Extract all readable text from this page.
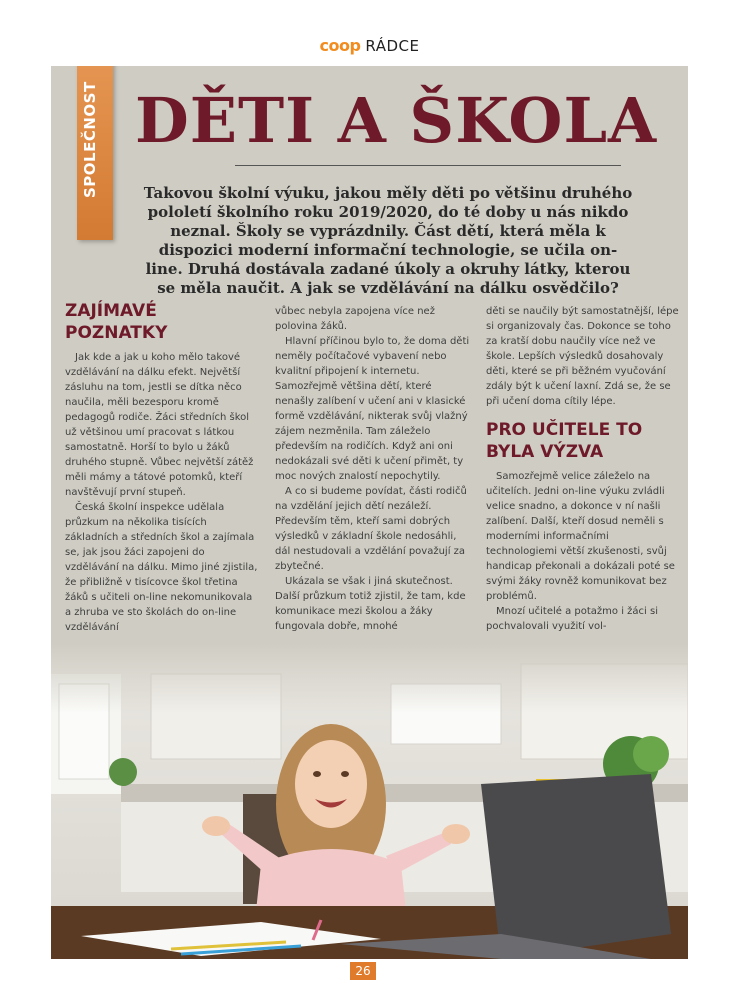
coop RÁDCE
SPOLEČNOST DĚTI A ŠKOLA

Takovou školní výuku, jakou měly děti po většinu druhého pololetí školního roku 2019/2020, do té doby u nás nikdo neznal. Školy se vyprázdnily. Část dětí, která měla k dispozici moderní informační technologie, se učila on-line. Druhá dostávala zadané úkoly a okruhy látky, kterou se měla naučit. A jak se vzdělávání na dálku osvědčilo?

ZAJÍMAVÉ POZNATKY

Jak kde a jak u koho mělo takové vzdělávání na dálku efekt. Největší zásluhu na tom, jestli se dítka něco naučila, měli bezesporu kromě pedagogů rodiče. Žáci středních škol už většinou umí pracovat s látkou samostatně. Horší to bylo u žáků druhého stupně. Vůbec největší zátěž měli mámy a tátové potomků, kteří navštěvují první stupeň.

Česká školní inspekce udělala průzkum na několika tisících základních a středních škol a zajímala se, jak jsou žáci zapojeni do vzdělávání na dálku. Mimo jiné zjistila, že přibližně v tisícovce škol třetina žáků s učiteli on-line nekomunikovala a zhruba ve sto školách do on-line vzdělávání

vůbec nebyla zapojena více než polovina žáků.

Hlavní příčinou bylo to, že doma děti neměly počítačové vybavení nebo kvalitní připojení k internetu. Samozřejmě většina dětí, které nenašly zalíbení v učení ani v klasické formě vzdělávání, nikterak svůj vlažný zájem nezměnila. Tam záleželo především na rodičích. Když ani oni nedokázali své děti k učení přimět, ty moc nových znalostí nepochytily.

A co si budeme povídat, části rodičů na vzdělání jejich dětí nezáleží. Především těm, kteří sami dobrých výsledků v základní škole nedosáhli, dál nestudovali a vzdělání považují za zbytečné.

Ukázala se však i jiná skutečnost. Další průzkum totiž zjistil, že tam, kde komunikace mezi školou a žáky fungovala dobře, mnohé

děti se naučily být samostatnější, lépe si organizovaly čas. Dokonce se toho za kratší dobu naučily více než ve škole. Lepších výsledků dosahovaly děti, které se při běžném vyučování zdály být k učení laxní. Zdá se, že se při učení doma cítily lépe.

PRO UČITELE TO BYLA VÝZVA

Samozřejmě velice záleželo na učitelích. Jedni on-line výuku zvládli velice snadno, a dokonce v ní našli zalíbení. Další, kteří dosud neměli s moderními informačními technologiemi větší zkušenosti, svůj handicap překonali a dokázali poté se svými žáky rovněž komunikovat bez problémů.

Mnozí učitelé a potažmo i žáci si pochvalovali využití vol-

26
